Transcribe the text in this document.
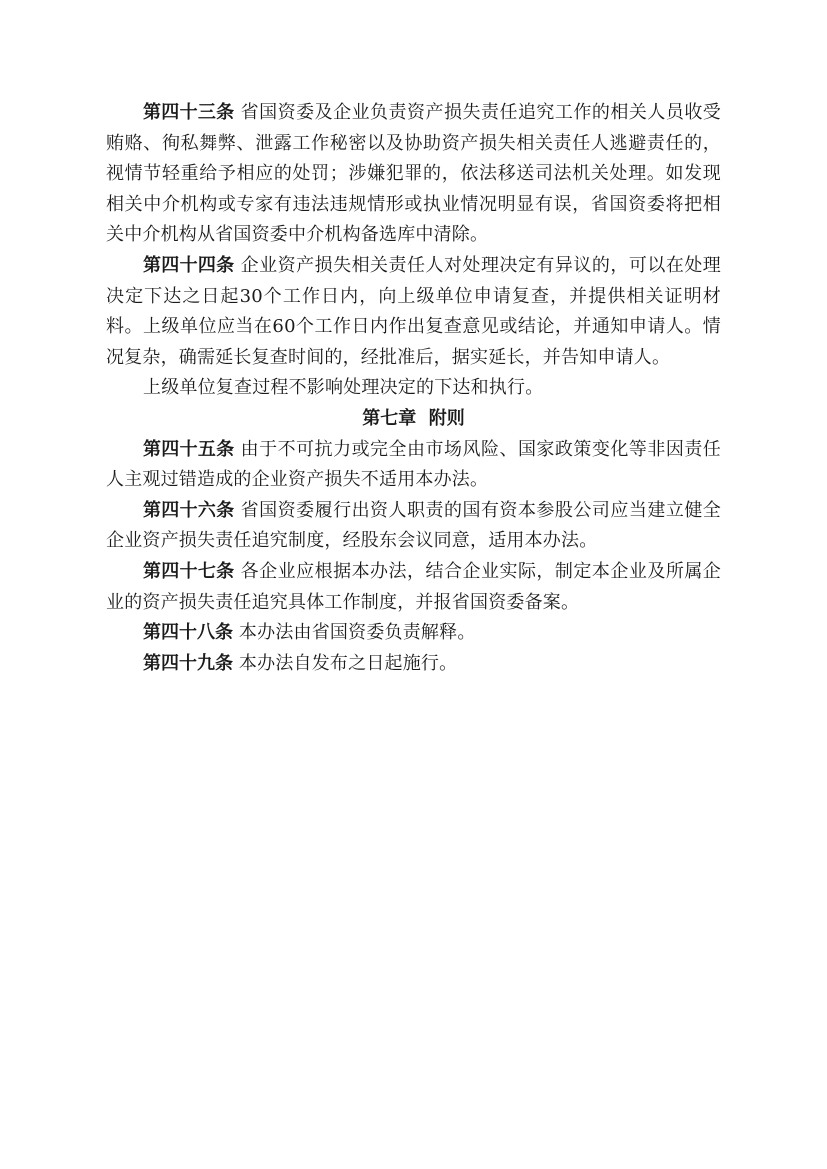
第四十三条 省国资委及企业负责资产损失责任追究工作的相关人员收受贿赂、徇私舞弊、泄露工作秘密以及协助资产损失相关责任人逃避责任的，视情节轻重给予相应的处罚；涉嫌犯罪的，依法移送司法机关处理。如发现相关中介机构或专家有违法违规情形或执业情况明显有误，省国资委将把相关中介机构从省国资委中介机构备选库中清除。

第四十四条 企业资产损失相关责任人对处理决定有异议的，可以在处理决定下达之日起30个工作日内，向上级单位申请复查，并提供相关证明材料。上级单位应当在60个工作日内作出复查意见或结论，并通知申请人。情况复杂，确需延长复查时间的，经批准后，据实延长，并告知申请人。

上级单位复查过程不影响处理决定的下达和执行。

第七章  附则

第四十五条 由于不可抗力或完全由市场风险、国家政策变化等非因责任人主观过错造成的企业资产损失不适用本办法。

第四十六条 省国资委履行出资人职责的国有资本参股公司应当建立健全企业资产损失责任追究制度，经股东会议同意，适用本办法。

第四十七条 各企业应根据本办法，结合企业实际，制定本企业及所属企业的资产损失责任追究具体工作制度，并报省国资委备案。

第四十八条 本办法由省国资委负责解释。

第四十九条 本办法自发布之日起施行。
